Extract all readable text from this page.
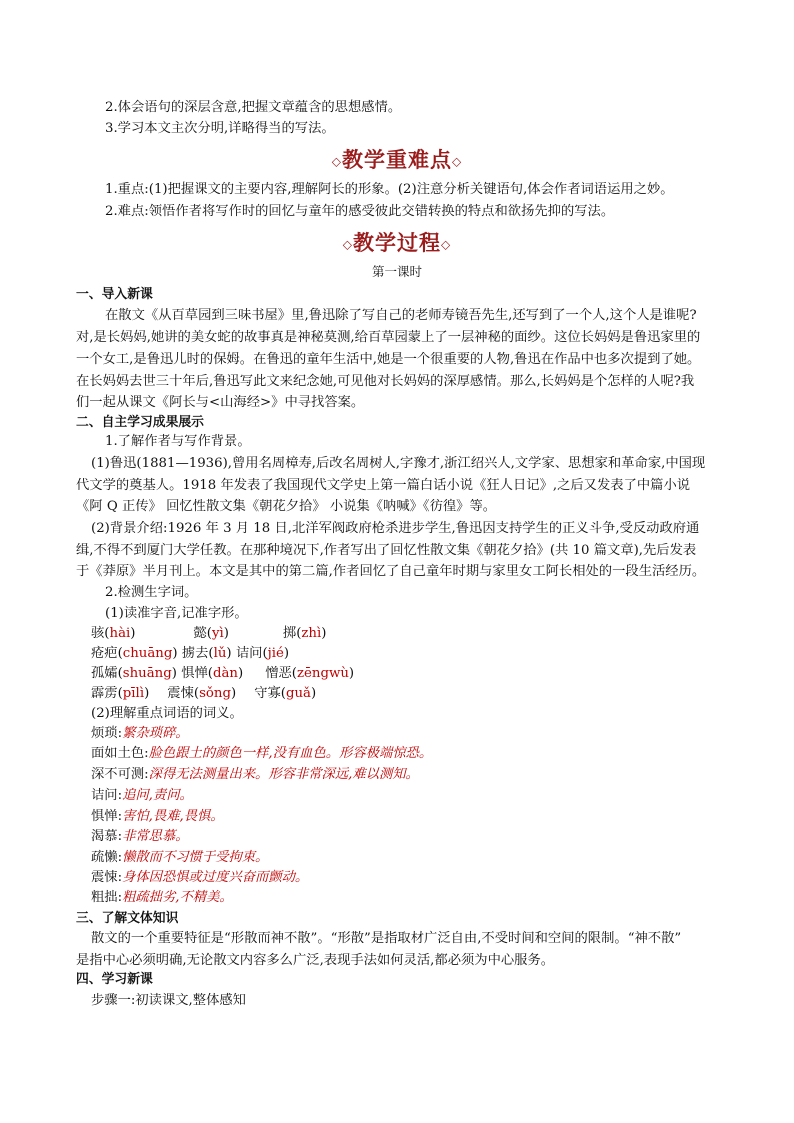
2.体会语句的深层含意,把握文章蕴含的思想感情。
3.学习本文主次分明,详略得当的写法。
◇教学重难点◇
1.重点:(1)把握课文的主要内容,理解阿长的形象。(2)注意分析关键语句,体会作者词语运用之妙。
2.难点:领悟作者将写作时的回忆与童年的感受彼此交错转换的特点和欲扬先抑的写法。
◇教学过程◇
第一课时
一、导入新课
在散文《从百草园到三味书屋》里,鲁迅除了写自己的老师寿镜吾先生,还写到了一个人,这个人是谁呢?
对,是长妈妈,她讲的美女蛇的故事真是神秘莫测,给百草园蒙上了一层神秘的面纱。这位长妈妈是鲁迅家里的
一个女工,是鲁迅儿时的保姆。在鲁迅的童年生活中,她是一个很重要的人物,鲁迅在作品中也多次提到了她。
在长妈妈去世三十年后,鲁迅写此文来纪念她,可见他对长妈妈的深厚感情。那么,长妈妈是个怎样的人呢?我
们一起从课文《阿长与<山海经>》中寻找答案。
二、自主学习成果展示
1.了解作者与写作背景。
(1)鲁迅(1881—1936),曾用名周樟寿,后改名周树人,字豫才,浙江绍兴人,文学家、思想家和革命家,中国现
代文学的奠基人。1918 年发表了我国现代文学史上第一篇白话小说《狂人日记》,之后又发表了中篇小说
《阿 Q 正传》 回忆性散文集《朝花夕拾》 小说集《呐喊》《彷徨》等。
(2)背景介绍:1926 年 3 月 18 日,北洋军阀政府枪杀进步学生,鲁迅因支持学生的正义斗争,受反动政府通
缉,不得不到厦门大学任教。在那种境况下,作者写出了回忆性散文集《朝花夕拾》(共 10 篇文章),先后发表
于《莽原》半月刊上。本文是其中的第二篇,作者回忆了自己童年时期与家里女工阿长相处的一段生活经历。
2.检测生字词。
(1)读准字音,记准字形。
骇(hài)	懿(yì)	掷(zhì)
疮疤(chuāng) 掳去(lǔ) 诘问(jié)
孤孀(shuāng) 惧惮(dàn) 憎恶(zēngwù)
霹雳(pīlì) 震悚(sǒng) 守寡(guǎ)
(2)理解重点词语的词义。
烦琐:繁杂琐碎。
面如土色:脸色跟土的颜色一样,没有血色。形容极端惊恐。
深不可测:深得无法测量出来。形容非常深远,难以测知。
诘问:追问,责问。
惧惮:害怕,畏难,畏惧。
渴慕:非常思慕。
疏懒:懒散而不习惯于受拘束。
震悚:身体因恐惧或过度兴奋而颤动。
粗拙:粗疏拙劣,不精美。
三、了解文体知识
散文的一个重要特征是“形散而神不散”。“形散”是指取材广泛自由,不受时间和空间的限制。“神不散”
是指中心必须明确,无论散文内容多么广泛,表现手法如何灵活,都必须为中心服务。
四、学习新课
步骤一:初读课文,整体感知
